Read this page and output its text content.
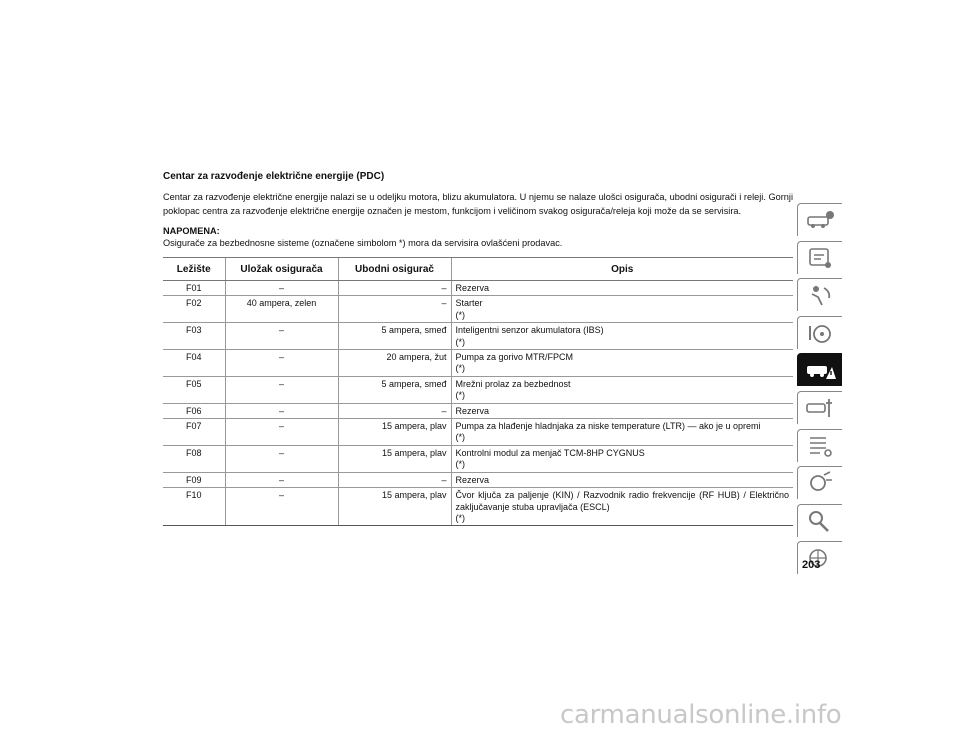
Centar za razvođenje električne energije (PDC)
Centar za razvođenje električne energije nalazi se u odeljku motora, blizu akumulatora. U njemu se nalaze ulošci osigurača, ubodni osigurači i releji. Gornji poklopac centra za razvođenje električne energije označen je mestom, funkcijom i veličinom svakog osigurača/releja koji može da se servisira.
NAPOMENA:
Osigurače za bezbednosne sisteme (označene simbolom *) mora da servisira ovlašćeni prodavac.
Ležište	Uložak osigurača	Ubodni osigurač	Opis
F01	–	–	Rezerva

F02	40 ampera, zelen	–	Starter
(*)

F03	–	5 ampera, smeđ	Inteligentni senzor akumulatora (IBS)
(*)

F04	–	20 ampera, žut	Pumpa za gorivo MTR/FPCM
(*)

F05	–	5 ampera, smeđ	Mrežni prolaz za bezbednost
(*)

F06	–	–	Rezerva

F07	–	15 ampera, plav	Pumpa za hlađenje hladnjaka za niske temperature (LTR) — ako je u opremi
(*)

F08	–	15 ampera, plav	Kontrolni modul za menjač TCM-8HP CYGNUS
(*)

F09	–	–	Rezerva

F10	–	15 ampera, plav	Čvor ključa za paljenje (KIN) / Razvodnik radio frekvencije (RF HUB) / Električno zaključavanje stuba upravljača (ESCL)
(*)
203
carmanualsonline.info
